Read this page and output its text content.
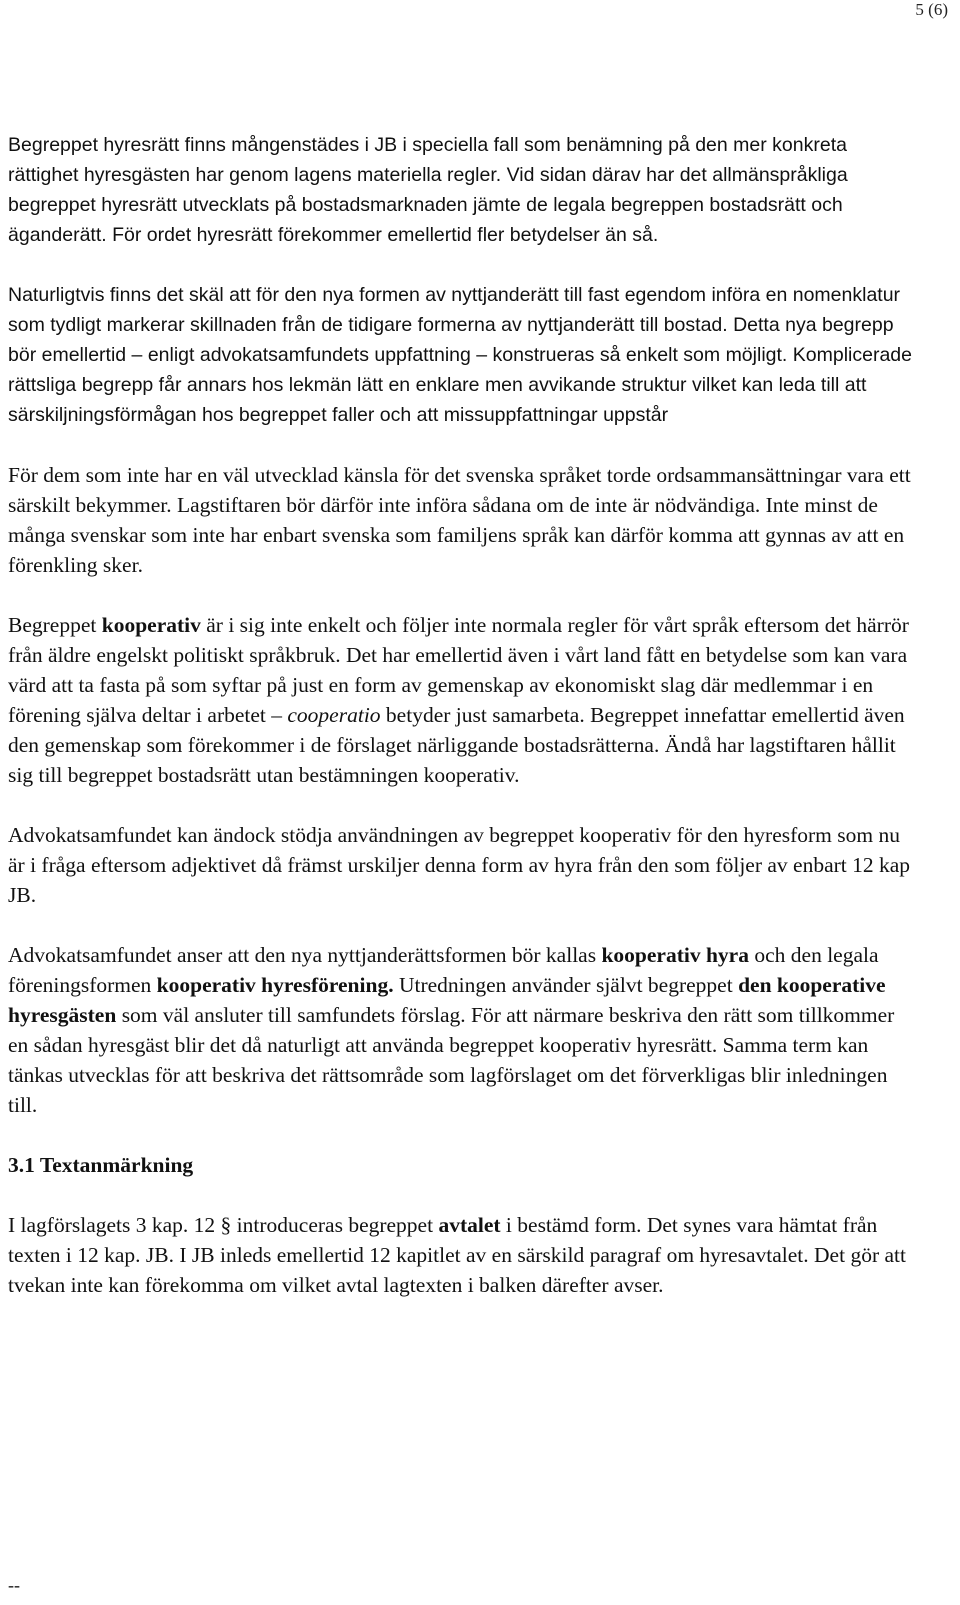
5 (6)

Begreppet hyresrätt finns mångenstädes i JB i speciella fall som benämning på den mer konkreta rättighet hyresgästen har genom lagens materiella regler. Vid sidan därav har det allmänspråkliga begreppet hyresrätt utvecklats på bostadsmarknaden jämte de legala begreppen bostadsrätt och äganderätt. För ordet hyresrätt förekommer emellertid fler betydelser än så.

Naturligtvis finns det skäl att för den nya formen av nyttjanderätt till fast egendom införa en nomenklatur som tydligt markerar skillnaden från de tidigare formerna av nyttjanderätt till bostad. Detta nya begrepp bör emellertid – enligt advokatsamfundets uppfattning – konstrueras så enkelt som möjligt. Komplicerade rättsliga begrepp får annars hos lekmän lätt en enklare men avvikande struktur vilket kan leda till att särskiljningsförmågan hos begreppet faller och att missuppfattningar uppstår

För dem som inte har en väl utvecklad känsla för det svenska språket torde ordsammansättningar vara ett särskilt bekymmer. Lagstiftaren bör därför inte införa sådana om de inte är nödvändiga. Inte minst de många svenskar som inte har enbart svenska som familjens språk kan därför komma att gynnas av att en förenkling sker.

Begreppet kooperativ är i sig inte enkelt och följer inte normala regler för vårt språk eftersom det härrör från äldre engelskt politiskt språkbruk. Det har emellertid även i vårt land fått en betydelse som kan vara värd att ta fasta på som syftar på just en form av gemenskap av ekonomiskt slag där medlemmar i en förening själva deltar i arbetet – cooperatio betyder just samarbeta. Begreppet innefattar emellertid även den gemenskap som förekommer i de förslaget närliggande bostadsrätterna. Ändå har lagstiftaren hållit sig till begreppet bostadsrätt utan bestämningen kooperativ.

Advokatsamfundet kan ändock stödja användningen av begreppet kooperativ för den hyresform som nu är i fråga eftersom adjektivet då främst urskiljer denna form av hyra från den som följer av enbart 12 kap JB.

Advokatsamfundet anser att den nya nyttjanderättsformen bör kallas kooperativ hyra och den legala föreningsformen kooperativ hyresförening. Utredningen använder självt begreppet den kooperative hyresgästen som väl ansluter till samfundets förslag. För att närmare beskriva den rätt som tillkommer en sådan hyresgäst blir det då naturligt att använda begreppet kooperativ hyresrätt. Samma term kan tänkas utvecklas för att beskriva det rättsområde som lagförslaget om det förverkligas blir inledningen till.

3.1 Textanmärkning

I lagförslagets 3 kap. 12 § introduceras begreppet avtalet i bestämd form. Det synes vara hämtat från texten i 12 kap. JB. I JB inleds emellertid 12 kapitlet av en särskild paragraf om hyresavtalet. Det gör att tvekan inte kan förekomma om vilket avtal lagtexten i balken därefter avser.

--
